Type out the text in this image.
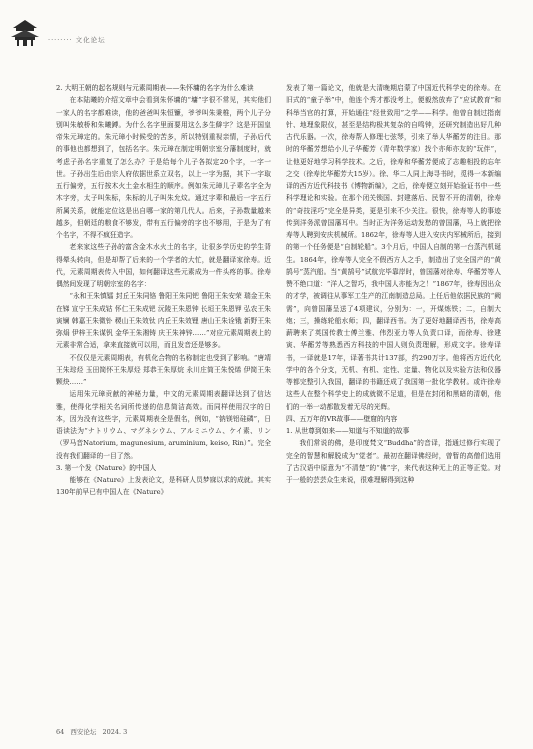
········ 文化论坛

2. 大明王朝的起名规则与元素周期表——朱怀墉的名字为什么难读

在本陆曦的介绍文章中会看到朱怀墉的“墉”字很不常见，其实他们一家人的名字都难读，他的爸爸叫朱恒镰，爷爷叫朱秉椎，两个儿子分别叫朱敏桥和朱曦鎛。为什么名字里面要用这么多生僻字？这是开国皇帝朱元璋定的。朱元璋小时候受的苦多，所以特别重视亲情，子孙后代的事他也都想到了，包括名字。朱元璋在制定明朝宗室分藩制度时，就考虑子孙名字重复了怎么办？于是给每个儿子各拟定20个字，一字一世。子孙出生后由宗人府依据世系立双名，以上一字为据，其下一字取五行偏旁，五行按木火土金水相生的顺序。例如朱元璋儿子辈名字全为木字旁，太子叫朱标，朱标的儿子叫朱允炆。通过字辈和最后一字五行所属关系，就能定位这是出自哪一家的第几代人。后来，子孙数量越来越多，但朝廷的粮食不够发，带有五行偏旁的字也不够用，于是为了有个名字，不得不疯狂造字。

老来家这些子孙的富含金木水火土的名字，让很多学历史的学生背得晕头转向，但是却帮了后来的一个学者的大忙，就是翻译家徐寿。近代，元素周期表传入中国，如何翻译这些元素成为一件头疼的事。徐寿偶然间发现了明朝宗室的名字：

“永和王朱慎镭 封丘王朱同铬 鲁阳王朱同钯 鲁阳王朱安荣 瑞金王朱在锑 宣宁王朱成钴 怀仁王朱成钯 沅陵王朱恩钟 长垣王朱恩钾 弘农王朱寅镧 韩嘉王朱微钋 稷山王朱效钛 内丘王朱效锂 唐山王朱诠锇 新野王朱弥焆 伊梓王朱谋钒 金华王朱湘铸 庆王朱神锌……”对应元素周期表上的元素非常合适，拿来直接就可以用，而且发音还是够多。

不仅仅是元素周期表，有机化合物的名称制定也受到了影响。“唐靖王朱琮烃 玉田简怀王朱厚烃 郑恭王朱厚烷 永川庄简王朱悦烯 伊简王朱颗炔……”

运用朱元璋贡献的神秘力量，中文的元素周期表翻译达到了信达雅，使得化学相关名词所传递的信息简洁高效。而同样使用汉字的日本，因为没有这些字，元素周期表全是假名，例如，“钠镁铝硅磷”，日语读法为“ナトリウム、マグネシウム、アルミニウム、ケイ素、リン（罗马音Natorium, magunesium, aruminium, keiso, Rin）”。完全没有我们翻译的一目了然。

3. 第一个发《Nature》的中国人

能够在《Nature》上发表论文，是科研人员梦寐以求的成就。其实130年前早已有中国人在《Nature》

发表了第一篇论文，他就是大清晚期启蒙了中国近代科学史的徐寿。在旧式的“童子举”中，他连个秀才都没考上，便毅然放弃了“应试教育”和科举当官的打算，开始通往“经世致用”之学——科学。他曾自制过指南针、地理象限仪，甚至是结构极其复杂的自鸣钟，还研究制造出好几种古代乐器。一次，徐寿帮人修理七弦琴，引来了举人华蘅芳的注目。那时的华蘅芳想给小儿子华蘅芳（青年数学家）找个亦师亦友的“玩伴”，让他更好地学习科学技术。之后，徐寿和华蘅芳便成了志趣相投的忘年之交（徐寿比华蘅芳大15岁）。徐、华二人同上海寻书时，觅得一本新编译的西方近代科技书《博物新编》，之后，徐寿便立刻开始验证书中一些科学理论和实验。在那个闭关锁国、封建落后、民智不开的清朝，徐寿的“奇技淫巧”完全是异类，更是引来不少关注。很快，徐寿等人的事迹传到洋务派曾国藩耳中。当时正为洋务运动发愁的曾国藩，马上就把徐寿等人聘到安庆机械所。1862年，徐寿等人进入安庆内军械所后，接到的第一个任务便是“自制轮船”。3个月后，中国人自制的第一台蒸汽机诞生。1864年，徐寿等人完全不假西方人之手，制造出了完全国产的“黄鹄号”蒸汽船。当“黄鹄号”试航完毕靠岸时，曾国藩对徐寿、华蘅芳等人赞不绝口道：“洋人之智巧，我中国人亦能为之！”1867年，徐寿因出众的才学，被调往从事军工生产的江南制造总局。上任后他依据民族的“阙需”，向曾国藩呈送了4项建议，分别为：一，开煤炼铁；二，自制大炮；三，操练轮船水师；四，翻译西书。为了更好地翻译西书，徐寿高薪聘来了英国传教士傅兰雅、伟烈亚力等人负责口译，而徐寿、徐建寅、华蘅芳等熟悉西方科技的中国人则负责理解，形成文字。徐寿译书，一译就是17年，译著书共计137部，约290万字。他将西方近代化学中的各个分支，无机、有机、定性、定量、物化以及实验方法和仪器等都完整引入我国，翻译的书籍还成了我国第一批化学教材。或许徐寿这些人在整个科学史上的成就微不足道，但是在封闭和黑暗的清朝，他们的一举一动都散发着无尽的光辉。

四、五万年的VR故事——壁窟的内容

1. 从世尊到如来——知道与不知道的故事

我们常说的佛，是印度梵文“Buddha”的音译，指通过修行实现了完全的智慧和解脱成为“觉者”。最初在翻译佛经时，曾暂的高僧们选用了古汉语中原意为“不清楚”的“佛”字，来代表这种无上的正等正觉。对于一般的芸芸众生来说，很难理解得到这种

64 西安论坛 2024. 3
